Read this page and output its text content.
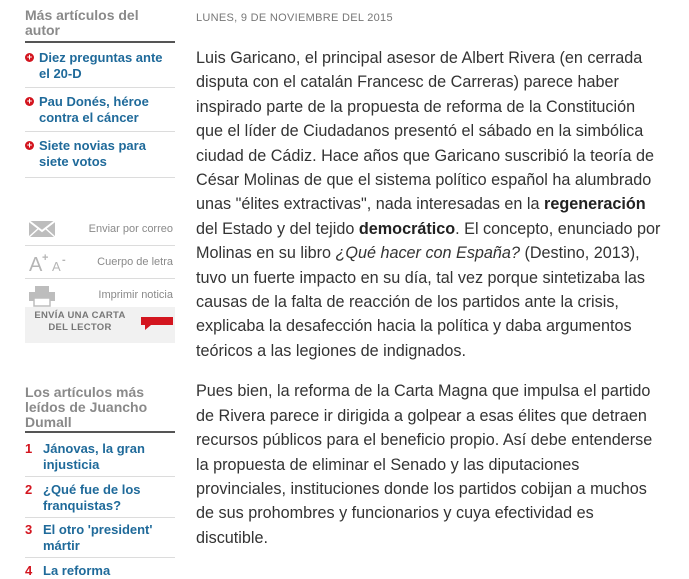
Más artículos del autor
+ Diez preguntas ante el 20-D
+ Pau Donés, héroe contra el cáncer
+ Siete novias para siete votos
Enviar por correo
A +
A -	Cuerpo de letra
Imprimir noticia
ENVÍA UNA CARTA DEL LECTOR
Los artículos más leídos de Juancho Dumall
1 Jánovas, la gran injusticia
2 ¿Qué fue de los franquistas?
3 El otro 'president' mártir
4 La reforma
LUNES, 9 DE NOVIEMBRE DEL 2015

Luis Garicano, el principal asesor de Albert Rivera (en cerrada disputa con el catalán Francesc de Carreras) parece haber inspirado parte de la propuesta de reforma de la Constitución que el líder de Ciudadanos presentó el sábado en la simbólica ciudad de Cádiz. Hace años que Garicano suscribió la teoría de César Molinas de que el sistema político español ha alumbrado unas "élites extractivas", nada interesadas en la regeneración del Estado y del tejido democrático. El concepto, enunciado por Molinas en su libro ¿Qué hacer con España? (Destino, 2013), tuvo un fuerte impacto en su día, tal vez porque sintetizaba las causas de la falta de reacción de los partidos ante la crisis, explicaba la desafección hacia la política y daba argumentos teóricos a las legiones de indignados.

Pues bien, la reforma de la Carta Magna que impulsa el partido de Rivera parece ir dirigida a golpear a esas élites que detraen recursos públicos para el beneficio propio. Así debe entenderse la propuesta de eliminar el Senado y las diputaciones provinciales, instituciones donde los partidos cobijan a muchos de sus prohombres y funcionarios y cuya efectividad es discutible.
